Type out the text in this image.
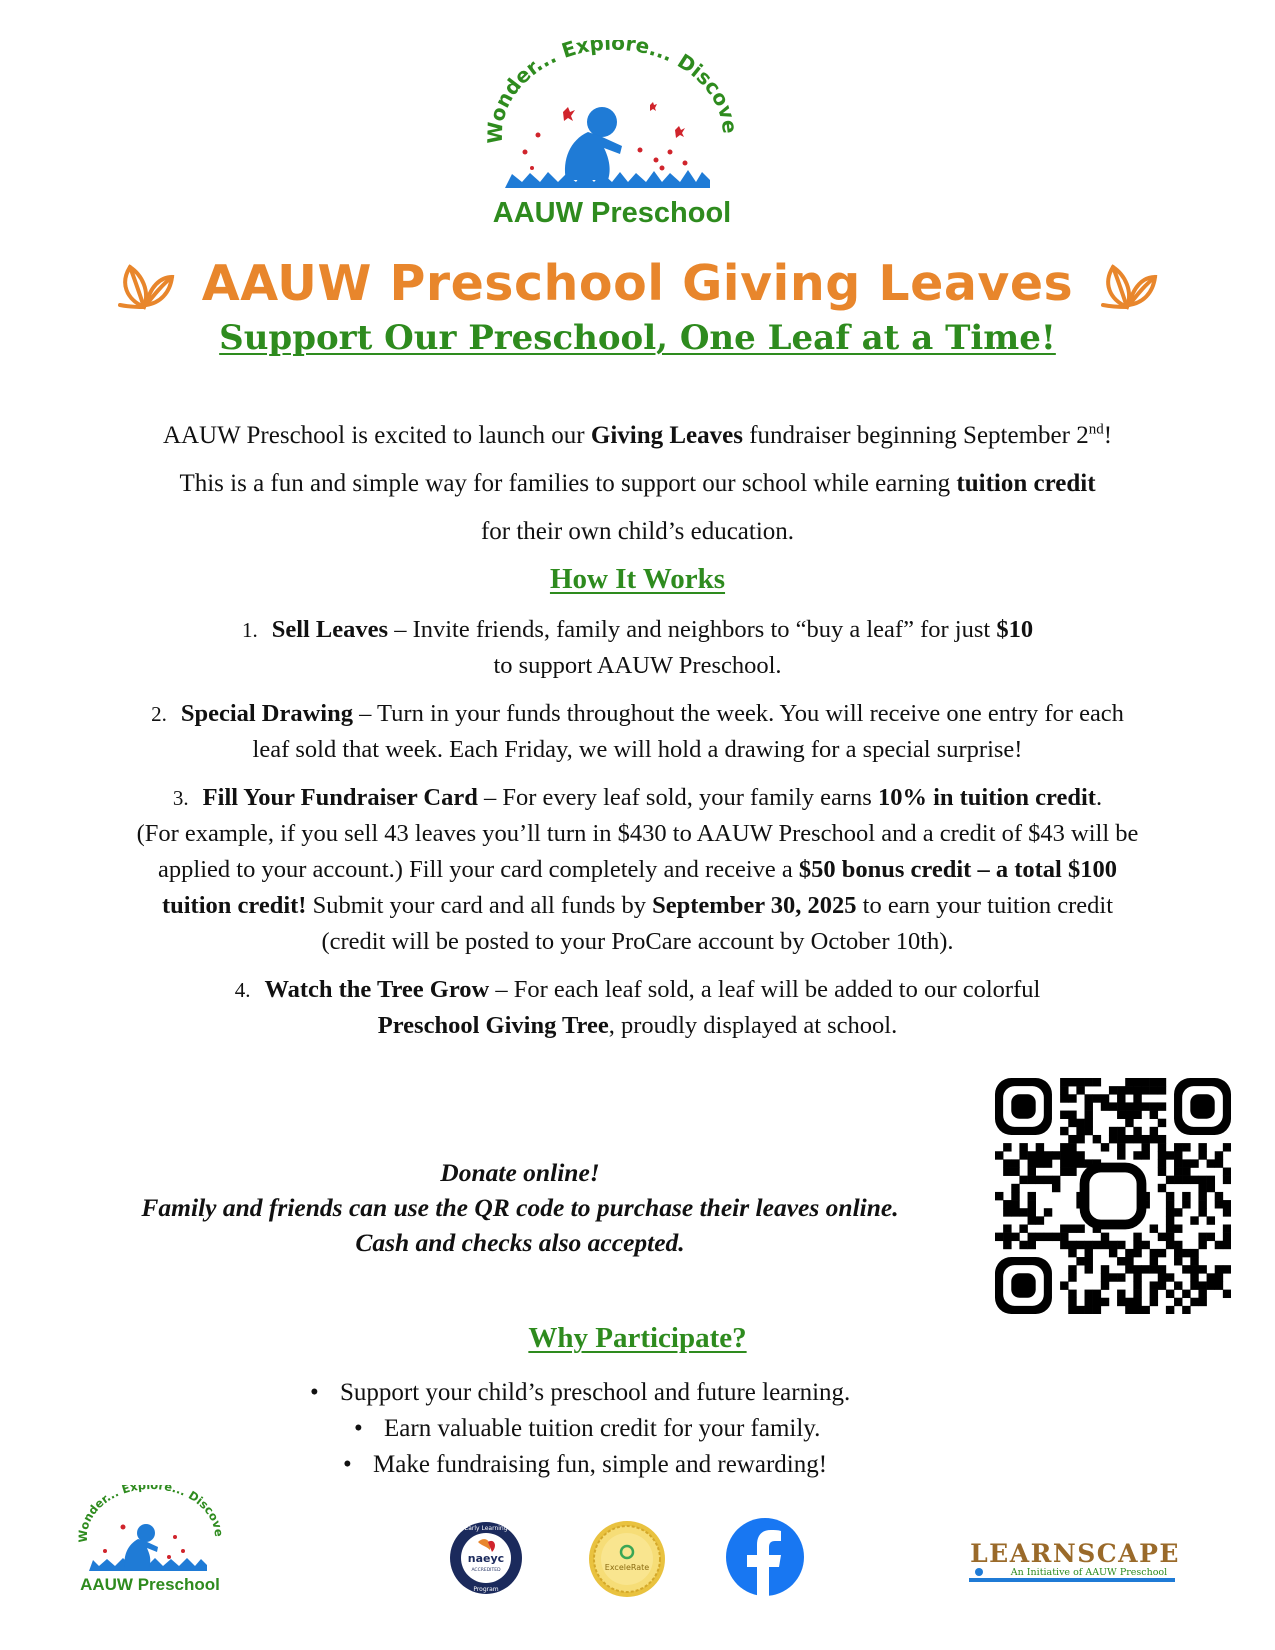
Wonder... Explore... Discove
AAUW Preschool
AAUW Preschool Giving Leaves
Support Our Preschool, One Leaf at a Time!
AAUW Preschool is excited to launch our Giving Leaves fundraiser beginning September 2nd!
This is a fun and simple way for families to support our school while earning tuition credit
for their own child’s education.
How It Works
1. Sell Leaves – Invite friends, family and neighbors to “buy a leaf” for just $10
to support AAUW Preschool.
2. Special Drawing – Turn in your funds throughout the week. You will receive one entry for each
leaf sold that week. Each Friday, we will hold a drawing for a special surprise!
3. Fill Your Fundraiser Card – For every leaf sold, your family earns 10% in tuition credit.
(For example, if you sell 43 leaves you’ll turn in $430 to AAUW Preschool and a credit of $43 will be
applied to your account.) Fill your card completely and receive a $50 bonus credit – a total $100
tuition credit! Submit your card and all funds by September 30, 2025 to earn your tuition credit
(credit will be posted to your ProCare account by October 10th).
4. Watch the Tree Grow – For each leaf sold, a leaf will be added to our colorful
Preschool Giving Tree, proudly displayed at school.
Donate online!
Family and friends can use the QR code to purchase their leaves online.
Cash and checks also accepted.
Why Participate?
• Support your child’s preschool and future learning.
• Earn valuable tuition credit for your family.
• Make fundraising fun, simple and rewarding!
Wonder... Explore... Discove
AAUW Preschool
naeyc
ACCREDITED
Early Learning
Program
ExceleRate	LEARNSCAPE
An Initiative of AAUW Preschool
